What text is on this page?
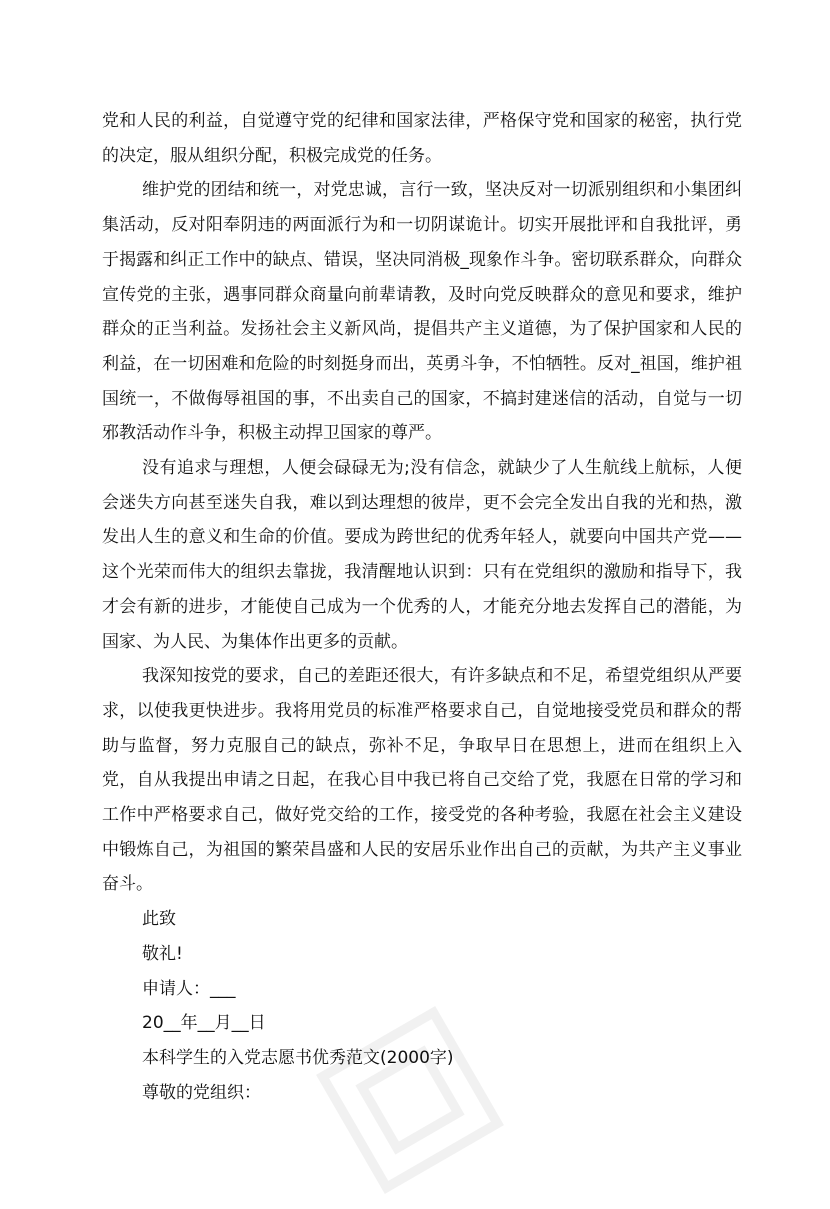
党和人民的利益，自觉遵守党的纪律和国家法律，严格保守党和国家的秘密，执行党的决定，服从组织分配，积极完成党的任务。

维护党的团结和统一，对党忠诚，言行一致，坚决反对一切派别组织和小集团纠集活动，反对阳奉阴违的两面派行为和一切阴谋诡计。切实开展批评和自我批评，勇于揭露和纠正工作中的缺点、错误，坚决同消极_现象作斗争。密切联系群众，向群众宣传党的主张，遇事同群众商量向前辈请教，及时向党反映群众的意见和要求，维护群众的正当利益。发扬社会主义新风尚，提倡共产主义道德，为了保护国家和人民的利益，在一切困难和危险的时刻挺身而出，英勇斗争，不怕牺牲。反对_祖国，维护祖国统一，不做侮辱祖国的事，不出卖自己的国家，不搞封建迷信的活动，自觉与一切邪教活动作斗争，积极主动捍卫国家的尊严。

没有追求与理想，人便会碌碌无为;没有信念，就缺少了人生航线上航标，人便会迷失方向甚至迷失自我，难以到达理想的彼岸，更不会完全发出自我的光和热，激发出人生的意义和生命的价值。要成为跨世纪的优秀年轻人，就要向中国共产党——这个光荣而伟大的组织去靠拢，我清醒地认识到：只有在党组织的激励和指导下，我才会有新的进步，才能使自己成为一个优秀的人，才能充分地去发挥自己的潜能，为国家、为人民、为集体作出更多的贡献。

我深知按党的要求，自己的差距还很大，有许多缺点和不足，希望党组织从严要求，以使我更快进步。我将用党员的标准严格要求自己，自觉地接受党员和群众的帮助与监督，努力克服自己的缺点，弥补不足，争取早日在思想上，进而在组织上入党，自从我提出申请之日起，在我心目中我已将自己交给了党，我愿在日常的学习和工作中严格要求自己，做好党交给的工作，接受党的各种考验，我愿在社会主义建设中锻炼自己，为祖国的繁荣昌盛和人民的安居乐业作出自己的贡献，为共产主义事业奋斗。

此致

敬礼!

申请人：___

20__年__月__日

本科学生的入党志愿书优秀范文(2000字)

尊敬的党组织：
